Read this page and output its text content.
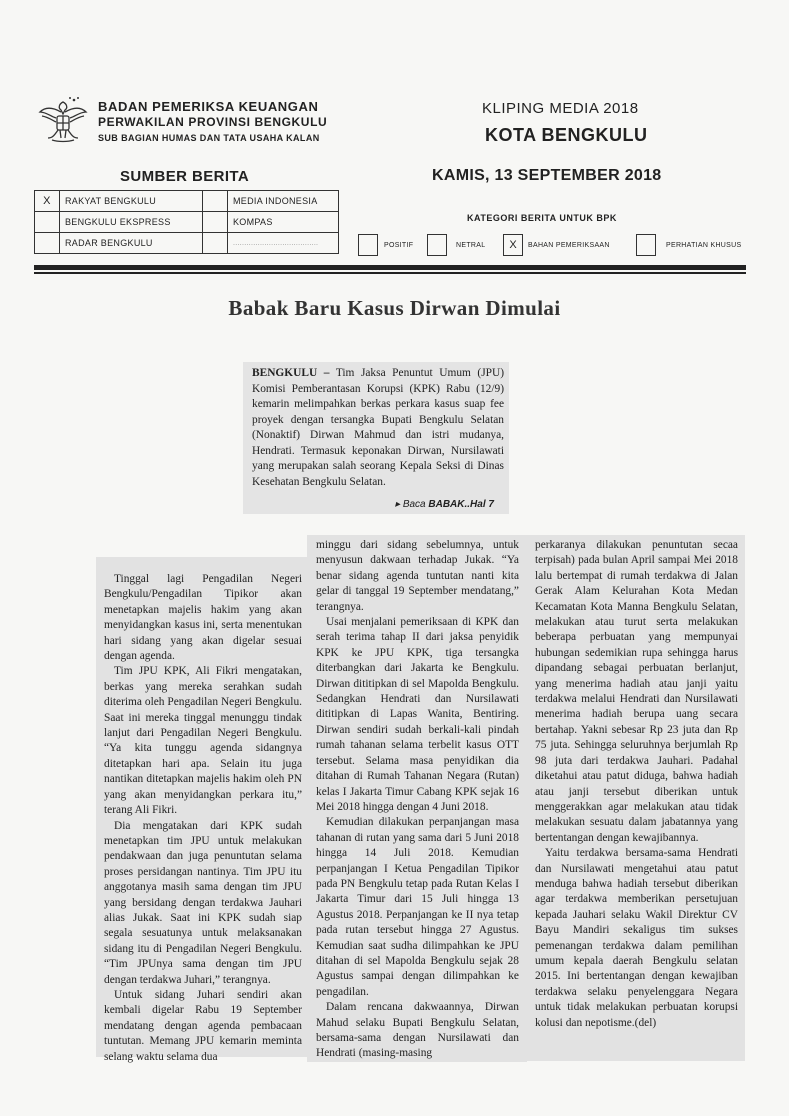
BADAN PEMERIKSA KEUANGAN
PERWAKILAN PROVINSI BENGKULU
SUB BAGIAN HUMAS DAN TATA USAHA KALAN
KLIPING MEDIA 2018
KOTA BENGKULU
SUMBER BERITA	KAMIS, 13 SEPTEMBER 2018
X	RAKYAT BENGKULU		MEDIA INDONESIA
	BENGKULU EKSPRESS		KOMPAS
	RADAR BENGKULU		......................................
KATEGORI BERITA UNTUK BPK
POSITIF	NETRAL	X	BAHAN PEMERIKSAAN	PERHATIAN KHUSUS
Babak Baru Kasus Dirwan Dimulai
BENGKULU – Tim Jaksa Penuntut Umum (JPU) Komisi Pemberantasan Korupsi (KPK) Rabu (12/9) kemarin melimpahkan berkas perkara kasus suap fee proyek dengan tersangka Bupati Bengkulu Selatan (Nonaktif) Dirwan Mahmud dan istri mudanya, Hendrati. Termasuk keponakan Dirwan, Nursilawati yang merupakan salah seorang Kepala Seksi di Dinas Kesehatan Bengkulu Selatan.
▸ Baca BABAK..Hal 7

Tinggal lagi Pengadilan Negeri Bengkulu/Pengadilan Tipikor akan menetapkan majelis hakim yang akan menyidangkan kasus ini, serta menentukan hari sidang yang akan digelar sesuai dengan agenda.

Tim JPU KPK, Ali Fikri mengatakan, berkas yang mereka serahkan sudah diterima oleh Pengadilan Negeri Bengkulu. Saat ini mereka tinggal menunggu tindak lanjut dari Pengadilan Negeri Bengkulu. “Ya kita tunggu agenda sidangnya ditetapkan hari apa. Selain itu juga nantikan ditetapkan majelis hakim oleh PN yang akan menyidangkan perkara itu,” terang Ali Fikri.

Dia mengatakan dari KPK sudah menetapkan tim JPU untuk melakukan pendakwaan dan juga penuntutan selama proses persidangan nantinya. Tim JPU itu anggotanya masih sama dengan tim JPU yang bersidang dengan terdakwa Jauhari alias Jukak. Saat ini KPK sudah siap segala sesuatunya untuk melaksanakan sidang itu di Pengadilan Negeri Bengkulu. “Tim JPUnya sama dengan tim JPU dengan terdakwa Juhari,” terangnya.

Untuk sidang Juhari sendiri akan kembali digelar Rabu 19 September mendatang dengan agenda pembacaan tuntutan. Memang JPU kemarin meminta selang waktu selama dua

minggu dari sidang sebelumnya, untuk menyusun dakwaan terhadap Jukak. “Ya benar sidang agenda tuntutan nanti kita gelar di tanggal 19 September mendatang,” terangnya.

Usai menjalani pemeriksaan di KPK dan serah terima tahap II dari jaksa penyidik KPK ke JPU KPK, tiga tersangka diterbangkan dari Jakarta ke Bengkulu. Dirwan dititipkan di sel Mapolda Bengkulu. Sedangkan Hendrati dan Nursilawati dititipkan di Lapas Wanita, Bentiring. Dirwan sendiri sudah berkali-kali pindah rumah tahanan selama terbelit kasus OTT tersebut. Selama masa penyidikan dia ditahan di Rumah Tahanan Negara (Rutan) kelas I Jakarta Timur Cabang KPK sejak 16 Mei 2018 hingga dengan 4 Juni 2018.

Kemudian dilakukan perpanjangan masa tahanan di rutan yang sama dari 5 Juni 2018 hingga 14 Juli 2018. Kemudian perpanjangan I Ketua Pengadilan Tipikor pada PN Bengkulu tetap pada Rutan Kelas I Jakarta Timur dari 15 Juli hingga 13 Agustus 2018. Perpanjangan ke II nya tetap pada rutan tersebut hingga 27 Agustus. Kemudian saat sudha dilimpahkan ke JPU ditahan di sel Mapolda Bengkulu sejak 28 Agustus sampai dengan dilimpahkan ke pengadilan.

Dalam rencana dakwaannya, Dirwan Mahud selaku Bupati Bengkulu Selatan, bersama-sama dengan Nursilawati dan Hendrati (masing-masing

perkaranya dilakukan penuntutan secaa terpisah) pada bulan April sampai Mei 2018 lalu bertempat di rumah terdakwa di Jalan Gerak Alam Kelurahan Kota Medan Kecamatan Kota Manna Bengkulu Selatan, melakukan atau turut serta melakukan beberapa perbuatan yang mempunyai hubungan sedemikian rupa sehingga harus dipandang sebagai perbuatan berlanjut, yang menerima hadiah atau janji yaitu terdakwa melalui Hendrati dan Nursilawati menerima hadiah berupa uang secara bertahap. Yakni sebesar Rp 23 juta dan Rp 75 juta. Sehingga seluruhnya berjumlah Rp 98 juta dari terdakwa Jauhari. Padahal diketahui atau patut diduga, bahwa hadiah atau janji tersebut diberikan untuk menggerakkan agar melakukan atau tidak melakukan sesuatu dalam jabatannya yang bertentangan dengan kewajibannya.

Yaitu terdakwa bersama-sama Hendrati dan Nursilawati mengetahui atau patut menduga bahwa hadiah tersebut diberikan agar terdakwa memberikan persetujuan kepada Jauhari selaku Wakil Direktur CV Bayu Mandiri sekaligus tim sukses pemenangan terdakwa dalam pemilihan umum kepala daerah Bengkulu selatan 2015. Ini bertentangan dengan kewajiban terdakwa selaku penyelenggara Negara untuk tidak melakukan perbuatan korupsi kolusi dan nepotisme.(del)
